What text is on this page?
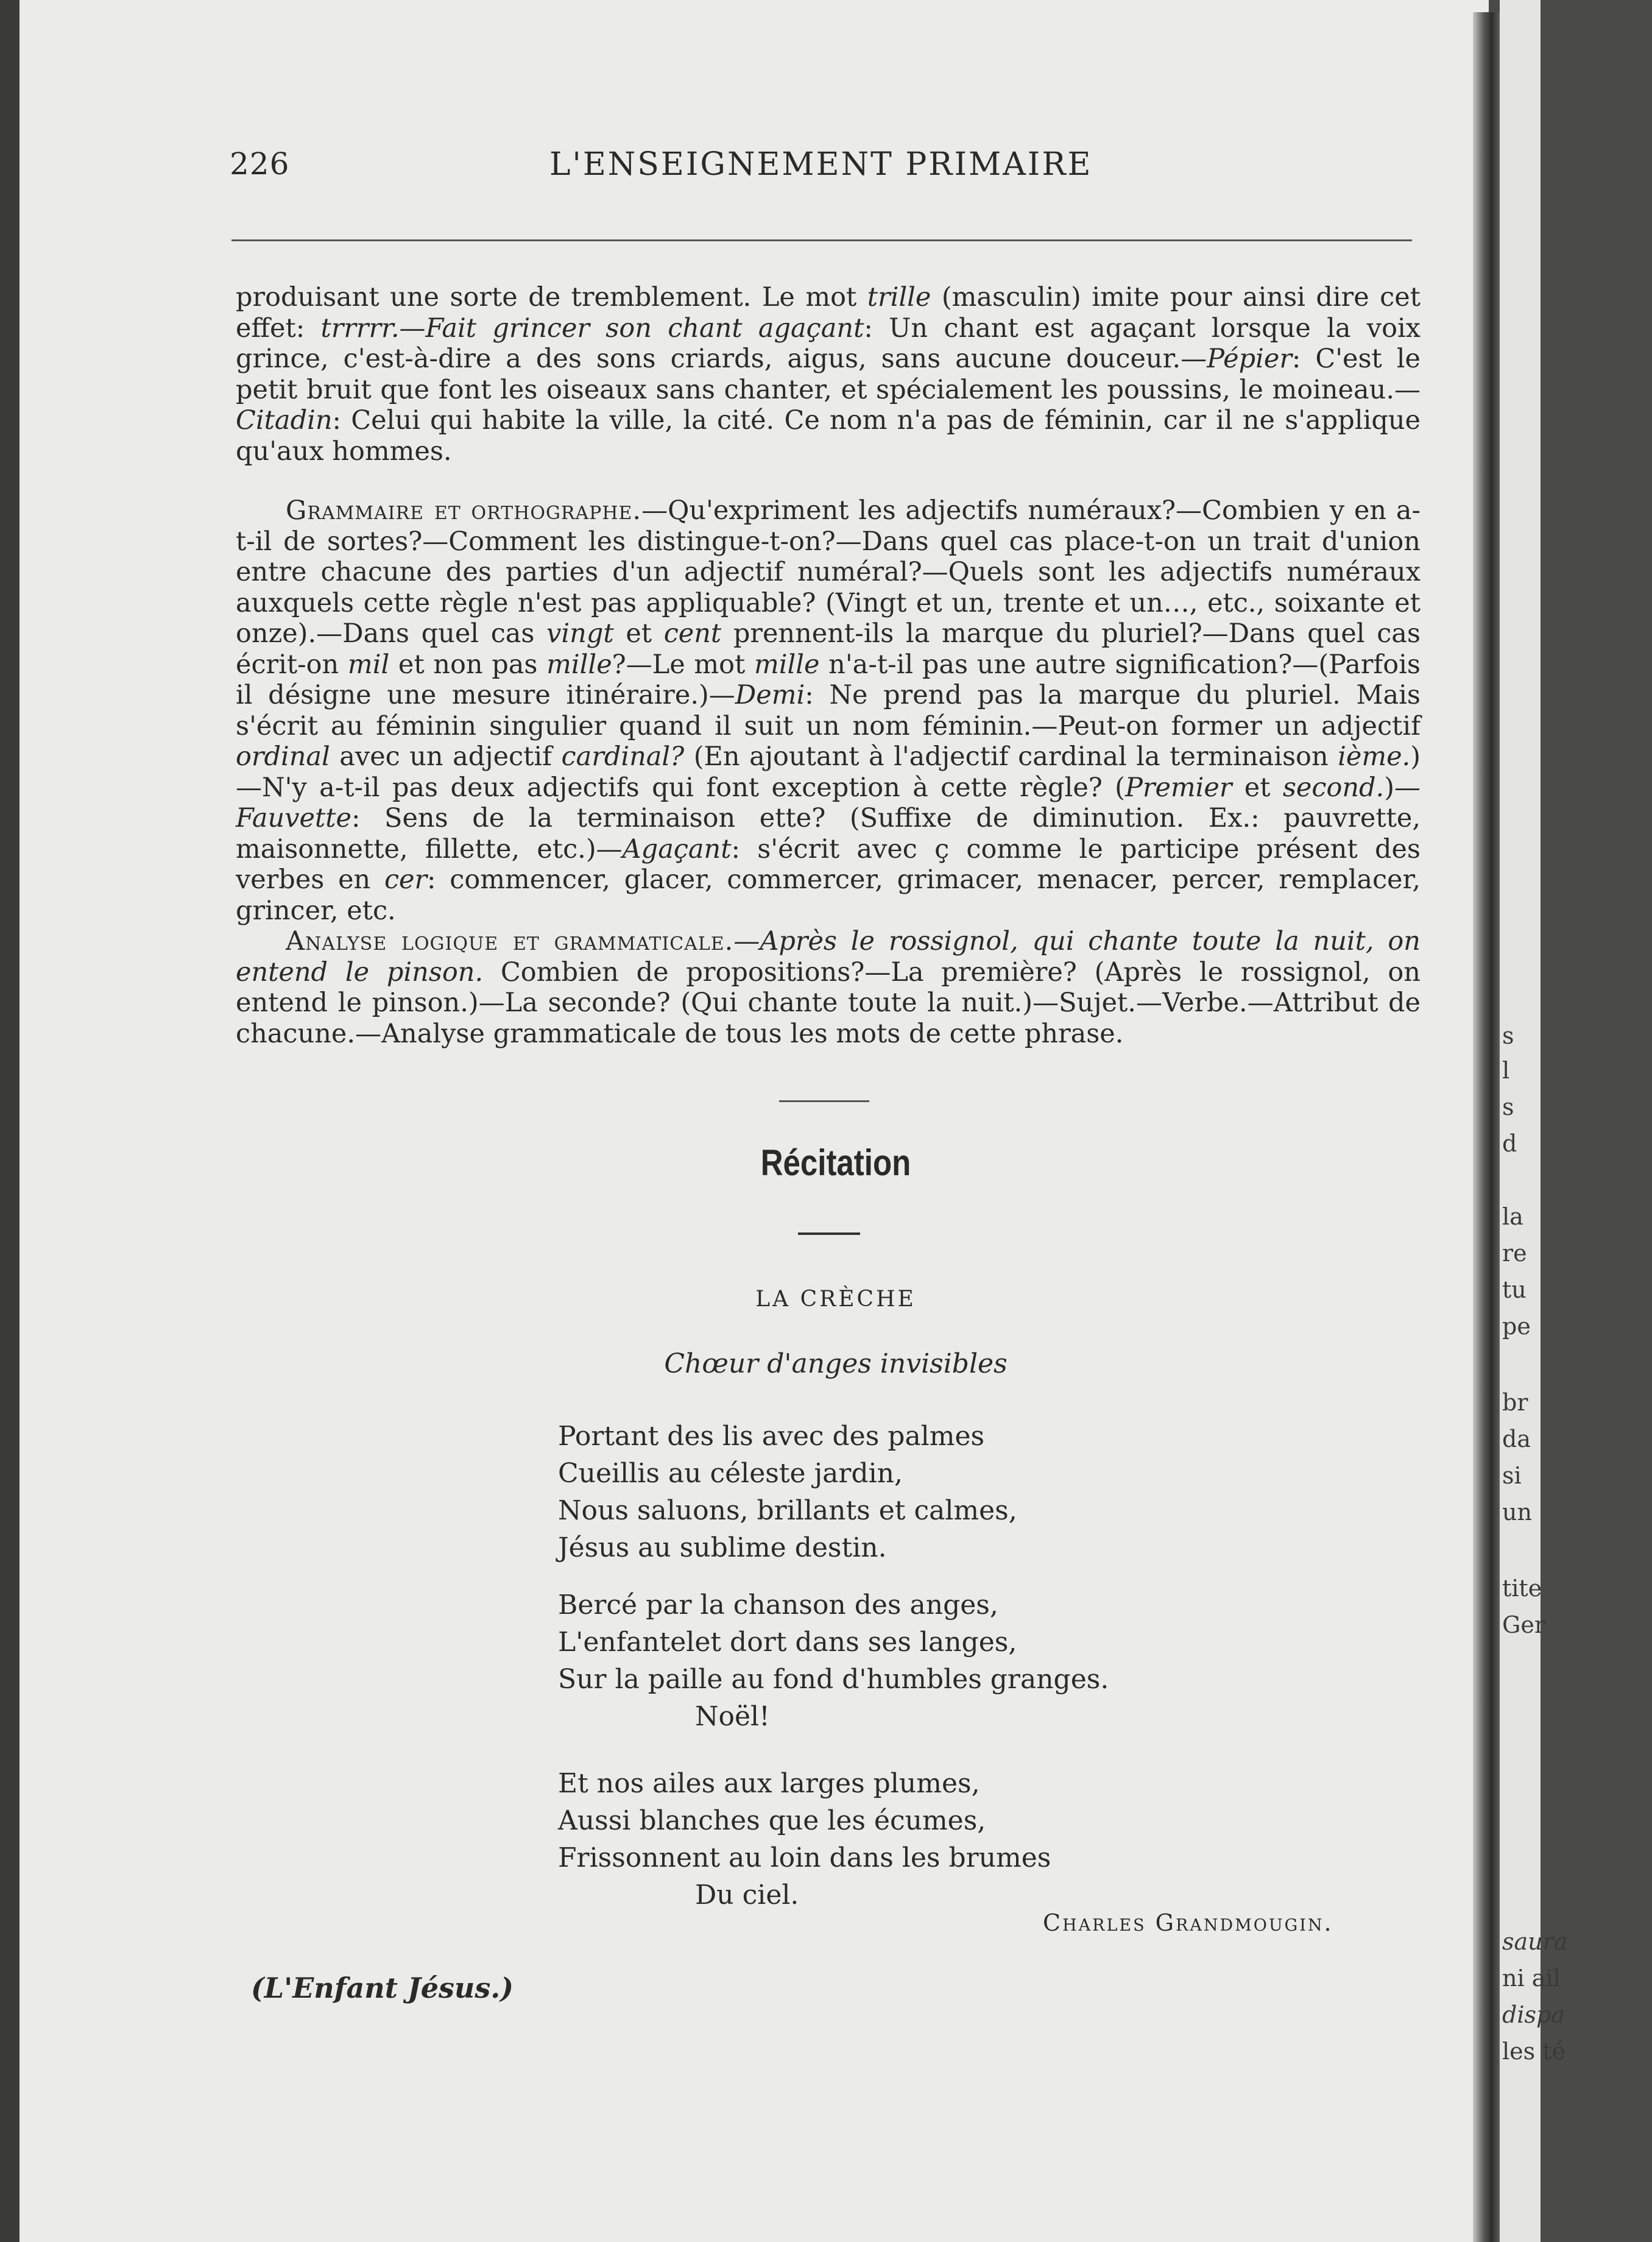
226	L'ENSEIGNEMENT PRIMAIRE

produisant une sorte de tremblement. Le mot trille (masculin) imite pour ainsi dire cet effet: trrrrr.—Fait grincer son chant agaçant: Un chant est agaçant lorsque la voix grince, c'est-à-dire a des sons criards, aigus, sans aucune douceur.—Pépier: C'est le petit bruit que font les oiseaux sans chanter, et spécialement les poussins, le moineau.—Citadin: Celui qui habite la ville, la cité. Ce nom n'a pas de féminin, car il ne s'applique qu'aux hommes.

Grammaire et orthographe.—Qu'expriment les adjectifs numéraux?—Combien y en a-t-il de sortes?—Comment les distingue-t-on?—Dans quel cas place-t-on un trait d'union entre chacune des parties d'un adjectif numéral?—Quels sont les adjectifs numéraux auxquels cette règle n'est pas appliquable? (Vingt et un, trente et un…, etc., soixante et onze).—Dans quel cas vingt et cent prennent-ils la marque du pluriel?—Dans quel cas écrit-on mil et non pas mille?—Le mot mille n'a-t-il pas une autre signification?—(Parfois il désigne une mesure itinéraire.)—Demi: Ne prend pas la marque du pluriel. Mais s'écrit au féminin singulier quand il suit un nom féminin.—Peut-on former un adjectif ordinal avec un adjectif cardinal? (En ajoutant à l'adjectif cardinal la terminaison ième.)—N'y a-t-il pas deux adjectifs qui font exception à cette règle? (Premier et second.)—Fauvette: Sens de la terminaison ette? (Suffixe de diminution. Ex.: pauvrette, maisonnette, fillette, etc.)—Agaçant: s'écrit avec ç comme le participe présent des verbes en cer: commencer, glacer, commercer, grimacer, menacer, percer, remplacer, grincer, etc.

Analyse logique et grammaticale.—Après le rossignol, qui chante toute la nuit, on entend le pinson. Combien de propositions?—La première? (Après le rossignol, on entend le pinson.)—La seconde? (Qui chante toute la nuit.)—Sujet.—Verbe.—Attribut de chacune.—Analyse grammaticale de tous les mots de cette phrase.

Récitation
LA CRÈCHE
Chœur d'anges invisibles
Portant des lis avec des palmes
Cueillis au céleste jardin,
Nous saluons, brillants et calmes,
Jésus au sublime destin.
Bercé par la chanson des anges,
L'enfantelet dort dans ses langes,
Sur la paille au fond d'humbles granges.
Noël!
Et nos ailes aux larges plumes,
Aussi blanches que les écumes,
Frissonnent au loin dans les brumes
Du ciel.
Charles Grandmougin.
(L'Enfant Jésus.)
s
l
s
d
la
re
tu
pe
br
da
si
un
tite
Ger
saura
ni ail
dispa
les té
